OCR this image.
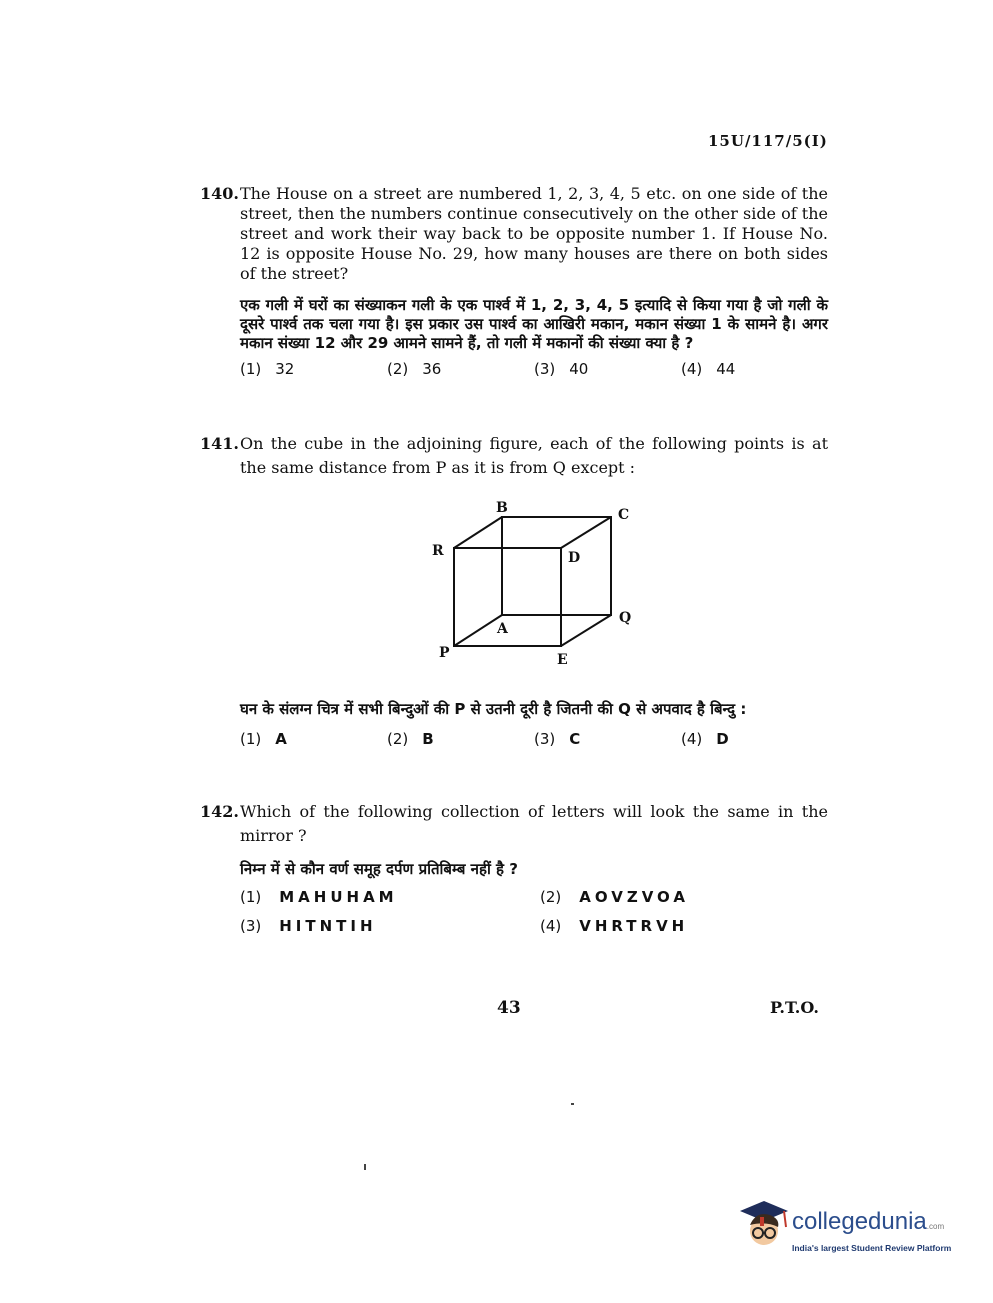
15U/117/5(I)
140. The House on a street are numbered 1, 2, 3, 4, 5 etc. on one side of the street, then the numbers continue consecutively on the other side of the street and work their way back to be opposite number 1. If House No. 12 is opposite House No. 29, how many houses are there on both sides of the street?
एक गली में घरों का संख्याकन गली के एक पार्श्व में 1, 2, 3, 4, 5 इत्यादि से किया गया है जो गली के दूसरे पार्श्व तक चला गया है। इस प्रकार उस पार्श्व का आखिरी मकान, मकान संख्या 1 के सामने है। अगर मकान संख्या 12 और 29 आमने सामने हैं, तो गली में मकानों की संख्या क्या है ?
(1) 32	(2) 36	(3) 40	(4) 44
141. On the cube in the adjoining figure, each of the following points is at the same distance from P as it is from Q except :
B	C
R	D
A
Q
P	E
घन के संलग्न चित्र में सभी बिन्दुओं की P से उतनी दूरी है जितनी की Q से अपवाद है बिन्दु :
(1) A	(2) B	(3) C	(4) D
142. Which of the following collection of letters will look the same in the mirror ?
निम्न में से कौन वर्ण समूह दर्पण प्रतिबिम्ब नहीं है ?
(1) MAHUHAM	(2) AOVZVOA
(3) HITNTIH	(4) VHRTRVH
43	P.T.O.
collegedunia.com
India's largest Student Review Platform
